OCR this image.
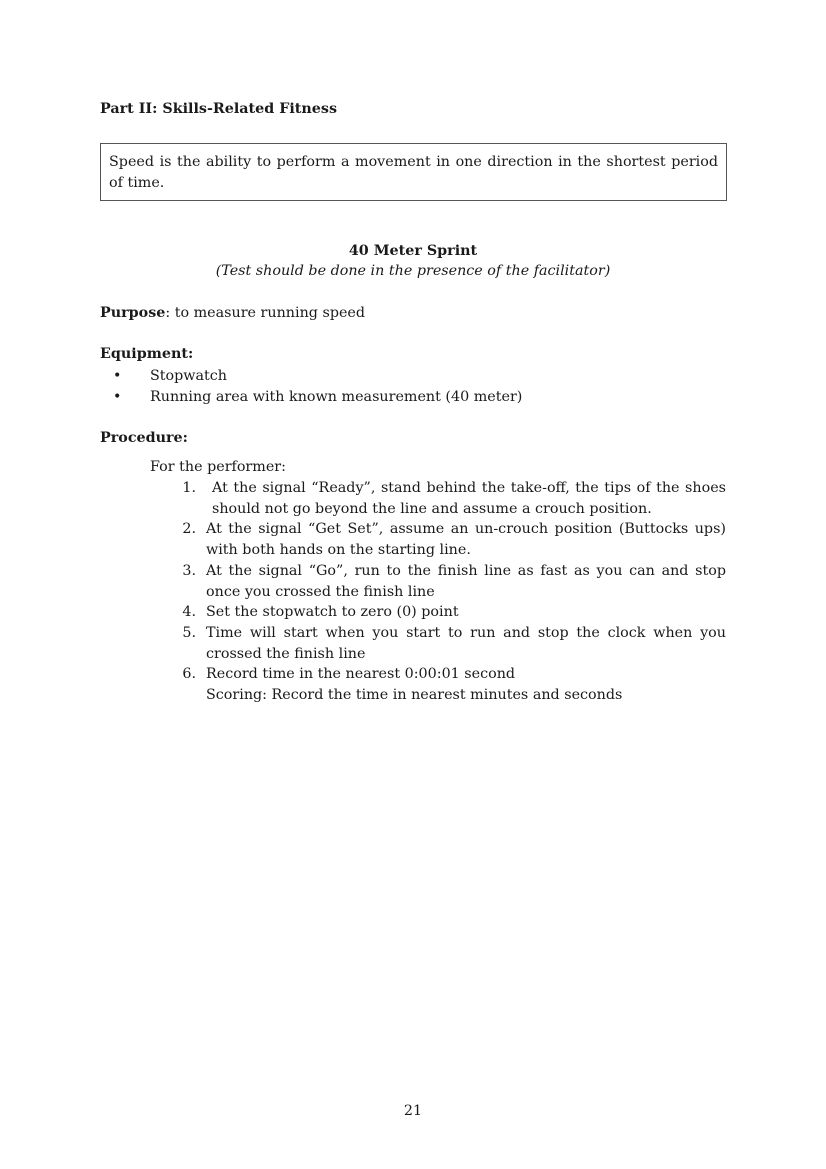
Part II: Skills-Related Fitness
Speed is the ability to perform a movement in one direction in the shortest period of time.
40 Meter Sprint
(Test should be done in the presence of the facilitator)
Purpose: to measure running speed
Equipment:
• Stopwatch
• Running area with known measurement (40 meter)
Procedure:
For the performer:
1. At the signal “Ready”, stand behind the take-off, the tips of the shoes should not go beyond the line and assume a crouch position.
2. At the signal “Get Set”, assume an un-crouch position (Buttocks ups) with both hands on the starting line.
3. At the signal “Go”, run to the finish line as fast as you can and stop once you crossed the finish line
4. Set the stopwatch to zero (0) point
5. Time will start when you start to run and stop the clock when you crossed the finish line
6. Record time in the nearest 0:00:01 second
Scoring: Record the time in nearest minutes and seconds
21
